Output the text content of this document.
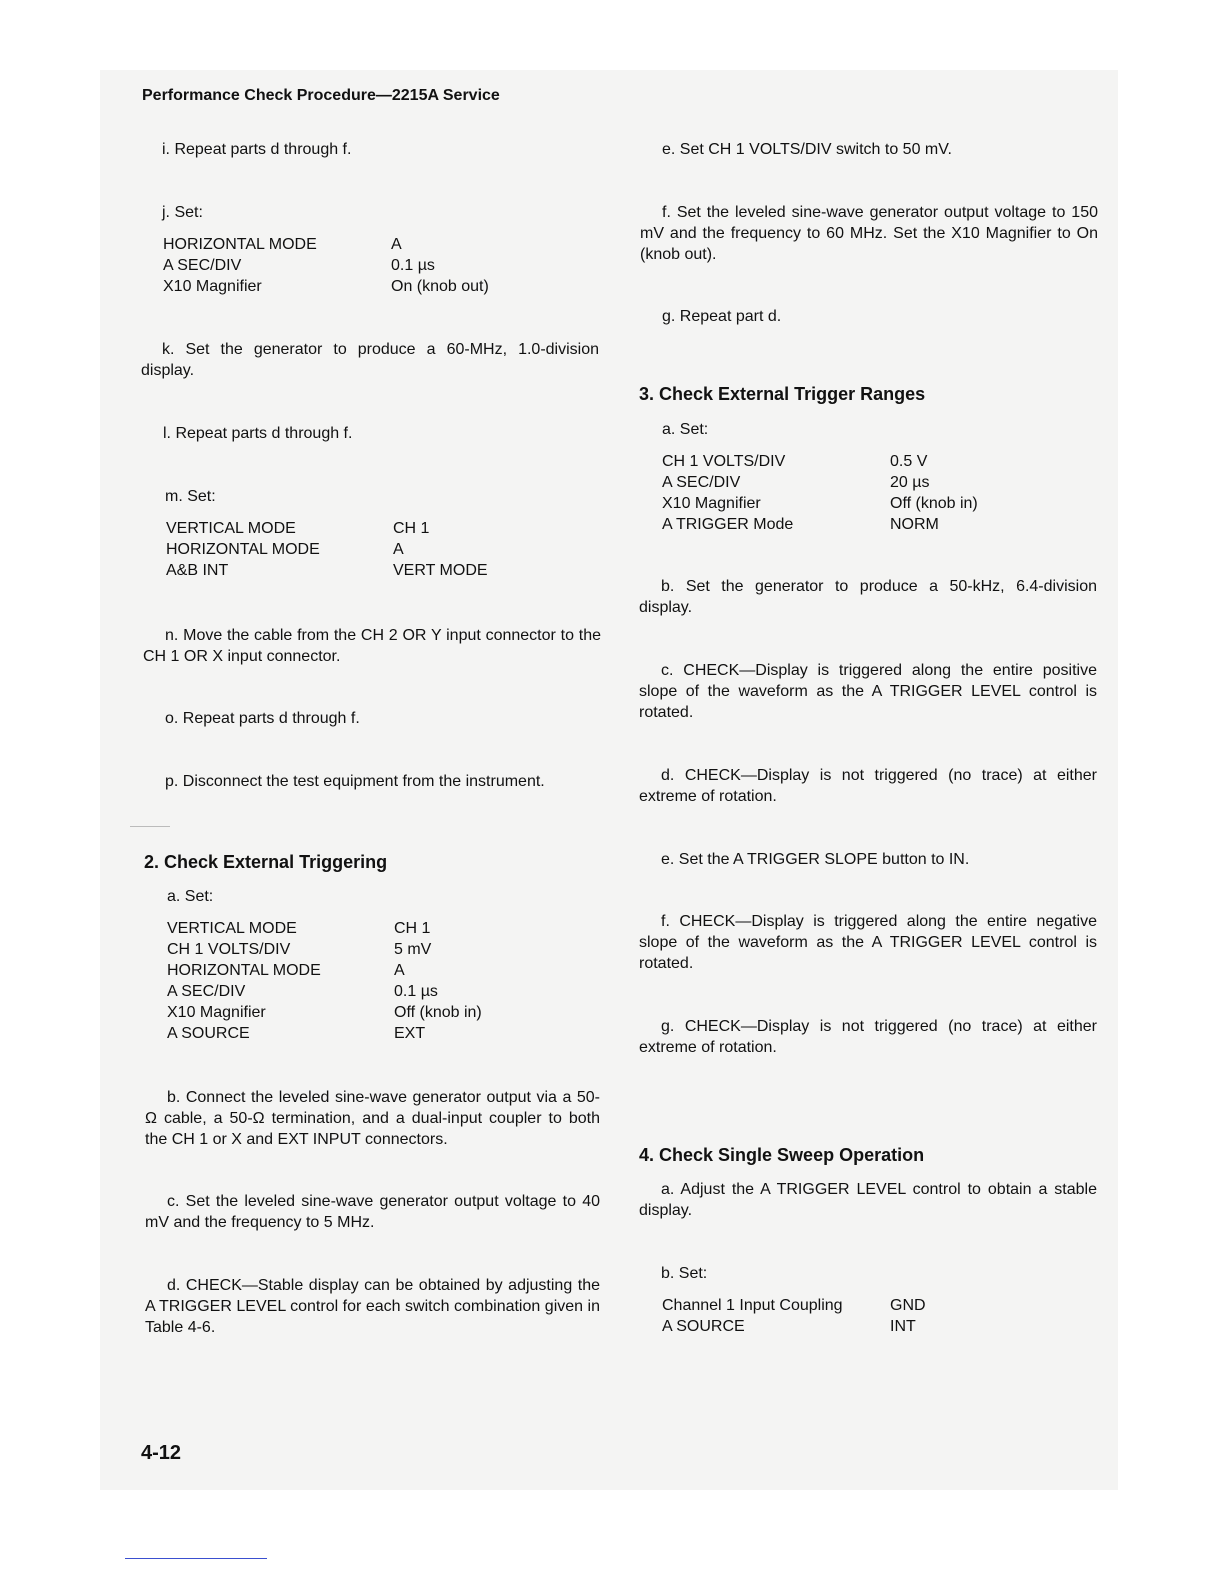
Performance Check Procedure—2215A Service
i. Repeat parts d through f.
j. Set:
HORIZONTAL MODE	A
A SEC/DIV	0.1 µs
X10 Magnifier	On (knob out)
k. Set the generator to produce a 60-MHz, 1.0-division display.
l. Repeat parts d through f.
m. Set:
VERTICAL MODE	CH 1
HORIZONTAL MODE	A
A&B INT	VERT MODE
n. Move the cable from the CH 2 OR Y input connector to the CH 1 OR X input connector.
o. Repeat parts d through f.
p. Disconnect the test equipment from the instrument.
2. Check External Triggering
a. Set:
VERTICAL MODE	CH 1
CH 1 VOLTS/DIV	5 mV
HORIZONTAL MODE	A
A SEC/DIV	0.1 µs
X10 Magnifier	Off (knob in)
A SOURCE	EXT
b. Connect the leveled sine-wave generator output via a 50-Ω cable, a 50-Ω termination, and a dual-input coupler to both the CH 1 or X and EXT INPUT connectors.
c. Set the leveled sine-wave generator output voltage to 40 mV and the frequency to 5 MHz.
d. CHECK—Stable display can be obtained by adjusting the A TRIGGER LEVEL control for each switch combination given in Table 4-6.
4-12
e. Set CH 1 VOLTS/DIV switch to 50 mV.
f. Set the leveled sine-wave generator output voltage to 150 mV and the frequency to 60 MHz. Set the X10 Magnifier to On (knob out).
g. Repeat part d.
3. Check External Trigger Ranges
a. Set:
CH 1 VOLTS/DIV	0.5 V
A SEC/DIV	20 µs
X10 Magnifier	Off (knob in)
A TRIGGER Mode	NORM
b. Set the generator to produce a 50-kHz, 6.4-division display.
c. CHECK—Display is triggered along the entire positive slope of the waveform as the A TRIGGER LEVEL control is rotated.
d. CHECK—Display is not triggered (no trace) at either extreme of rotation.
e. Set the A TRIGGER SLOPE button to IN.
f. CHECK—Display is triggered along the entire negative slope of the waveform as the A TRIGGER LEVEL control is rotated.
g. CHECK—Display is not triggered (no trace) at either extreme of rotation.
4. Check Single Sweep Operation
a. Adjust the A TRIGGER LEVEL control to obtain a stable display.
b. Set:
Channel 1 Input Coupling	GND
A SOURCE	INT
